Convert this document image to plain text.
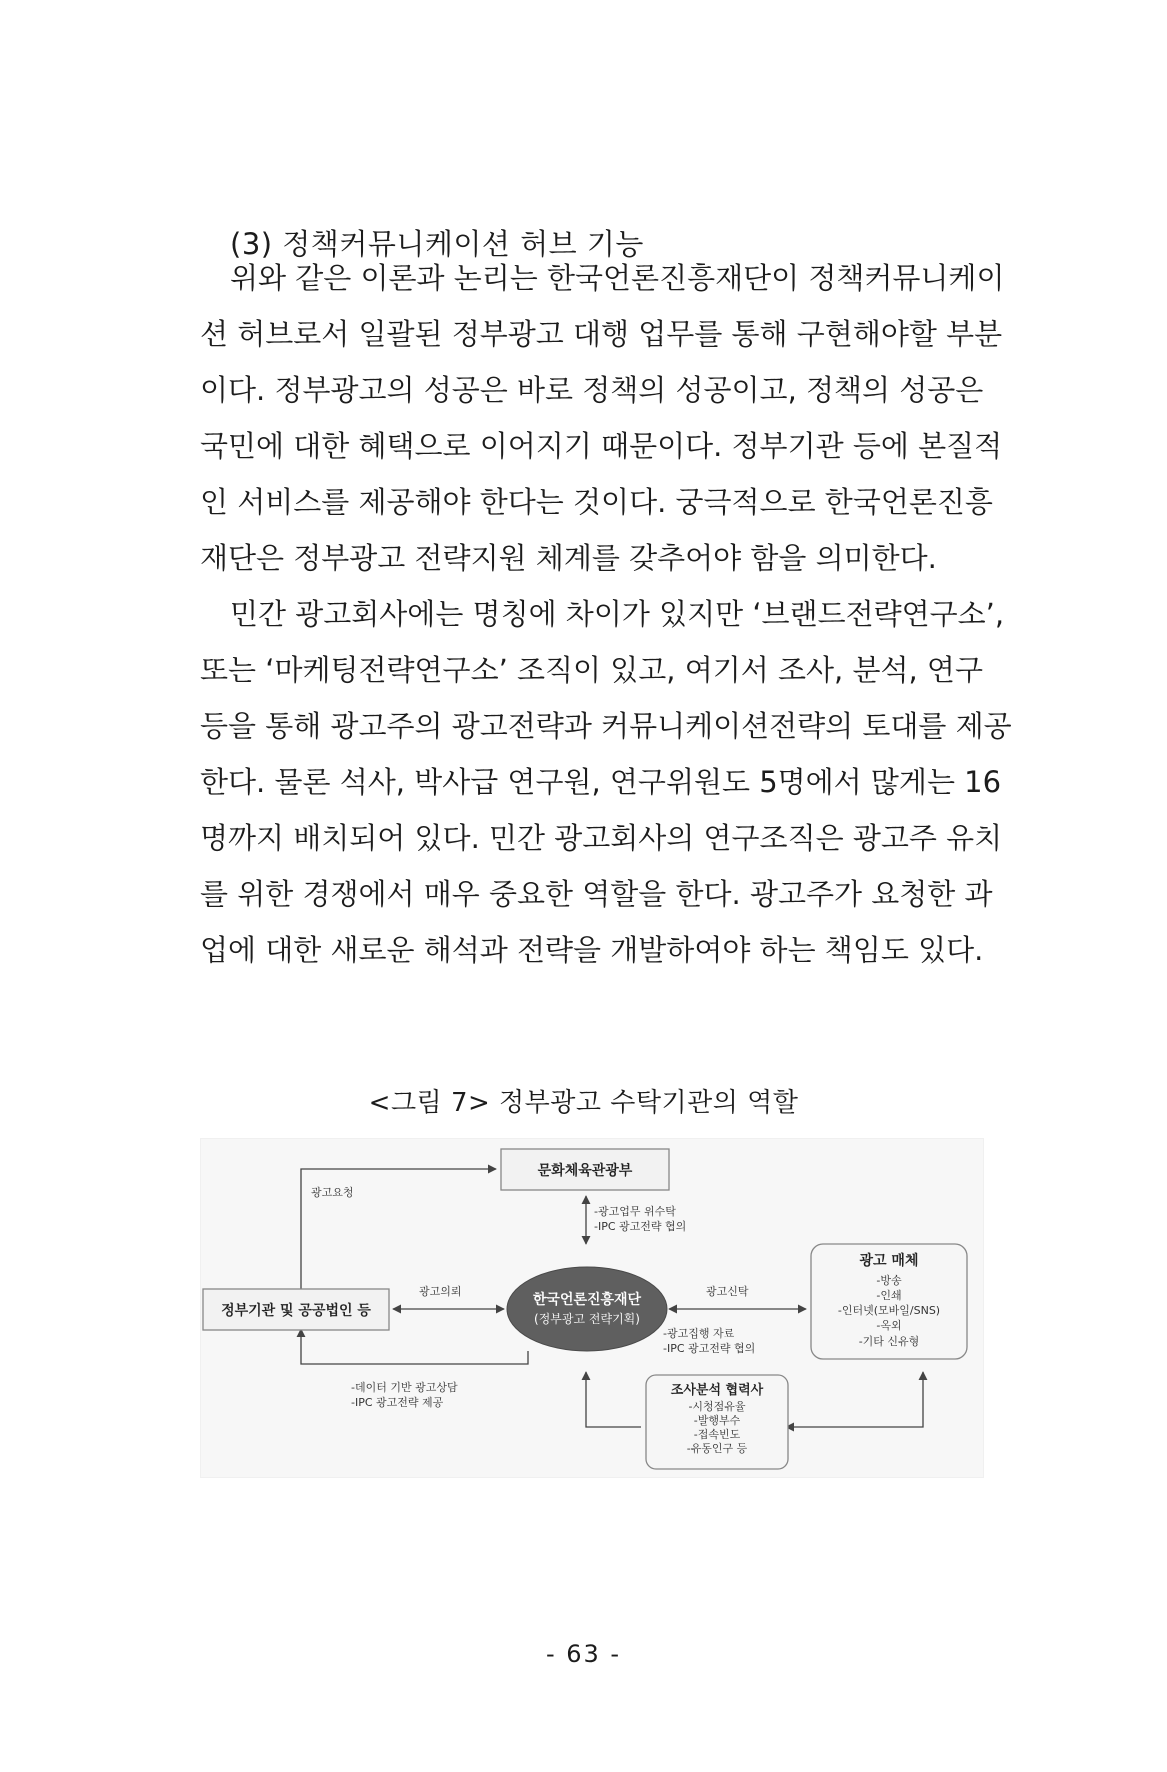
(3) 정책커뮤니케이션 허브 기능
위와 같은 이론과 논리는 한국언론진흥재단이 정책커뮤니케이
션 허브로서 일괄된 정부광고 대행 업무를 통해 구현해야할 부분
이다. 정부광고의 성공은 바로 정책의 성공이고, 정책의 성공은
국민에 대한 혜택으로 이어지기 때문이다. 정부기관 등에 본질적
인 서비스를 제공해야 한다는 것이다. 궁극적으로 한국언론진흥
재단은 정부광고 전략지원 체계를 갖추어야 함을 의미한다.
민간 광고회사에는 명칭에 차이가 있지만 ‘브랜드전략연구소’,
또는 ‘마케팅전략연구소’ 조직이 있고, 여기서 조사, 분석, 연구
등을 통해 광고주의 광고전략과 커뮤니케이션전략의 토대를 제공
한다. 물론 석사, 박사급 연구원, 연구위원도 5명에서 많게는 16
명까지 배치되어 있다. 민간 광고회사의 연구조직은 광고주 유치
를 위한 경쟁에서 매우 중요한 역할을 한다. 광고주가 요청한 과
업에 대한 새로운 해석과 전략을 개발하여야 하는 책임도 있다.
<그림 7> 정부광고 수탁기관의 역할
문화체육관광부
정부기관 및 공공법인 등
한국언론진흥재단
(정부광고 전략기획)
광고 매체
-방송
-인쇄
-인터넷(모바일/SNS)
-옥외
-기타 신유형
조사분석 협력사
-시청점유율
-발행부수
-접속빈도
-유동인구 등
광고요청
-광고업무 위수탁
-IPC 광고전략 협의
광고의뢰	광고신탁
-광고집행 자료
-IPC 광고전략 협의
-데이터 기반 광고상담
-IPC 광고전략 제공
- 63 -
